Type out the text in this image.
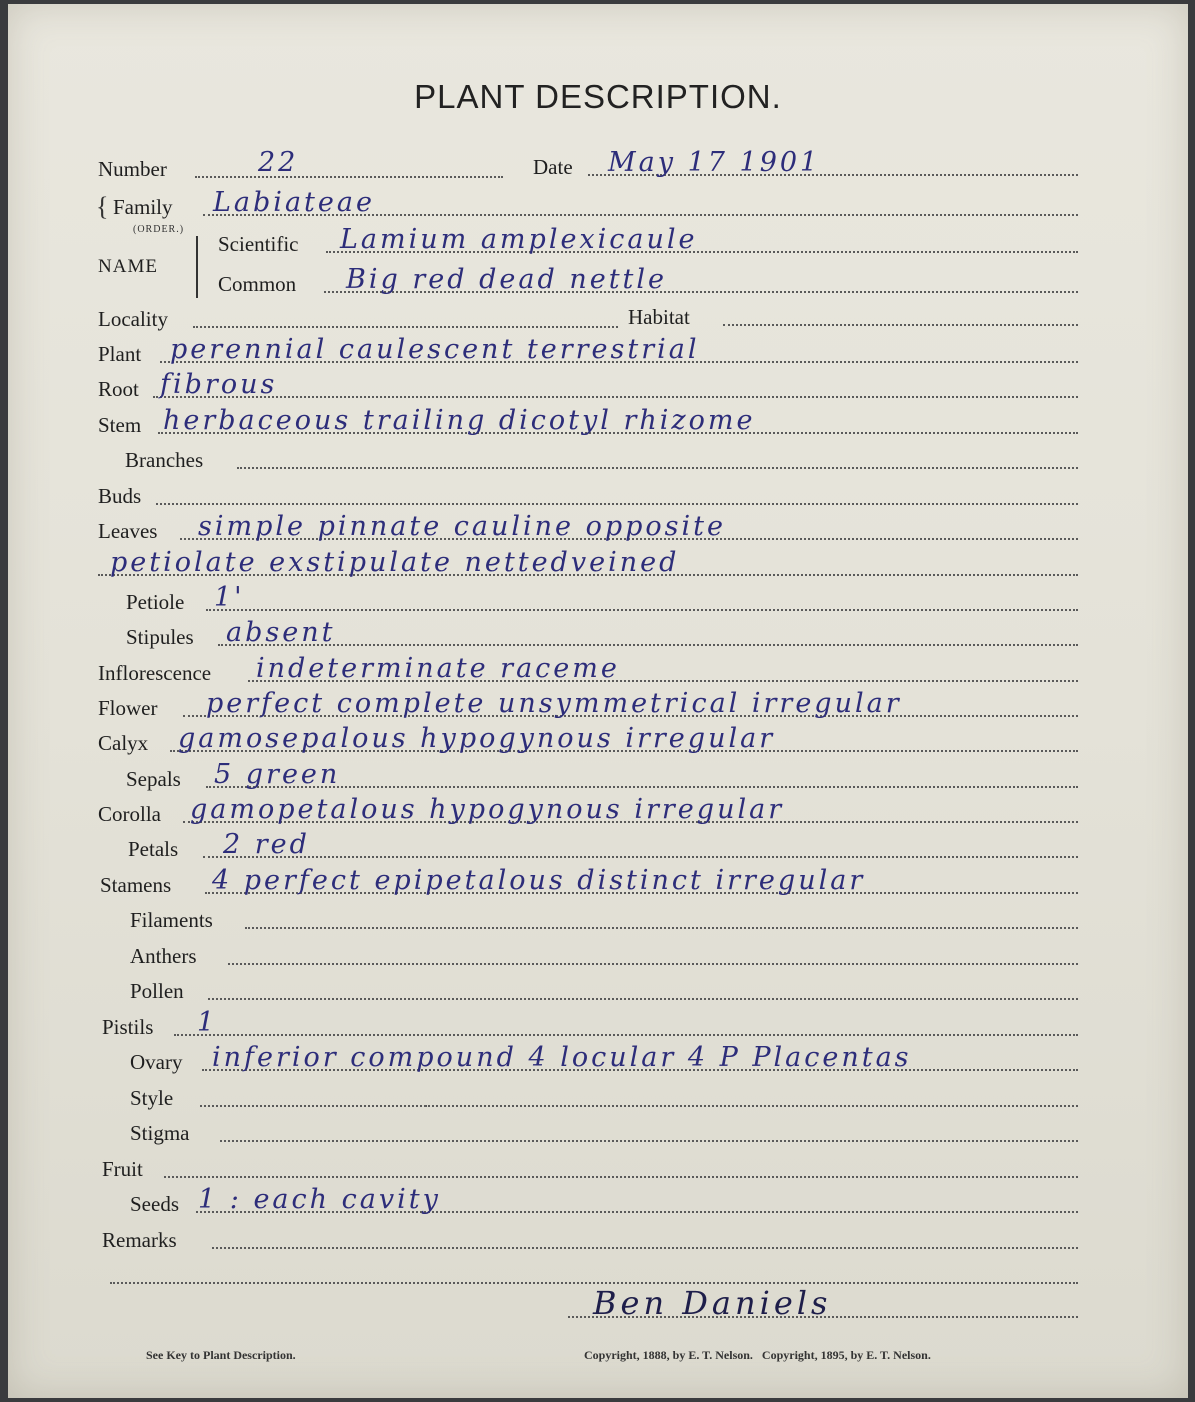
PLANT DESCRIPTION.
Number	22	Date May 17 1901
{ Family Labiateae
(ORDER.)
NAME
Scientific Lamium amplexicaule
Common Big red dead nettle
Locality	Habitat
Plant perennial caulescent terrestrial
Root fibrous
Stem herbaceous trailing dicotyl rhizome
Branches
Buds
Leaves simple pinnate cauline opposite
petiolate exstipulate nettedveined
Petiole 1'
Stipules absent
Inflorescence indeterminate raceme
Flower perfect complete unsymmetrical irregular
Calyx gamosepalous hypogynous irregular
Sepals 5 green
Corolla gamopetalous hypogynous irregular
Petals 2 red
Stamens 4 perfect epipetalous distinct irregular
Filaments
Anthers
Pollen
Pistils 1
Ovary inferior compound 4 locular 4 P Placentas
Style
Stigma
Fruit
Seeds 1 : each cavity
Remarks
Ben Daniels
See Key to Plant Description.	Copyright, 1888, by E. T. Nelson.   Copyright, 1895, by E. T. Nelson.
